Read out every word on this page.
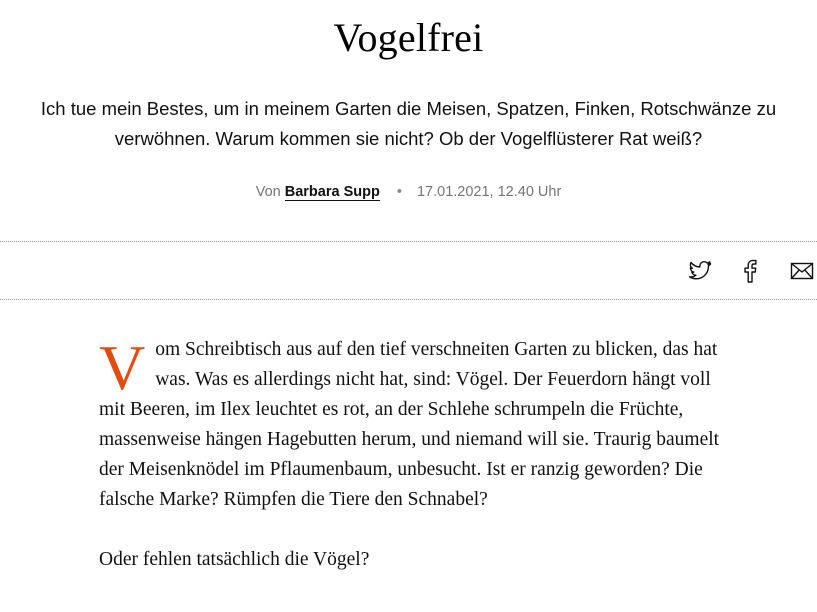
Vogelfrei

Ich tue mein Bestes, um in meinem Garten die Meisen, Spatzen, Finken, Rotschwänze zu verwöhnen. Warum kommen sie nicht? Ob der Vogelflüsterer Rat weiß?

Von Barbara Supp • 17.01.2021, 12.40 Uhr

Vom Schreibtisch aus auf den tief verschneiten Garten zu blicken, das hat was. Was es allerdings nicht hat, sind: Vögel. Der Feuerdorn hängt voll mit Beeren, im Ilex leuchtet es rot, an der Schlehe schrumpeln die Früchte, massenweise hängen Hagebutten herum, und niemand will sie. Traurig baumelt der Meisenknödel im Pflaumenbaum, unbesucht. Ist er ranzig geworden? Die falsche Marke? Rümpfen die Tiere den Schnabel?

Oder fehlen tatsächlich die Vögel?
